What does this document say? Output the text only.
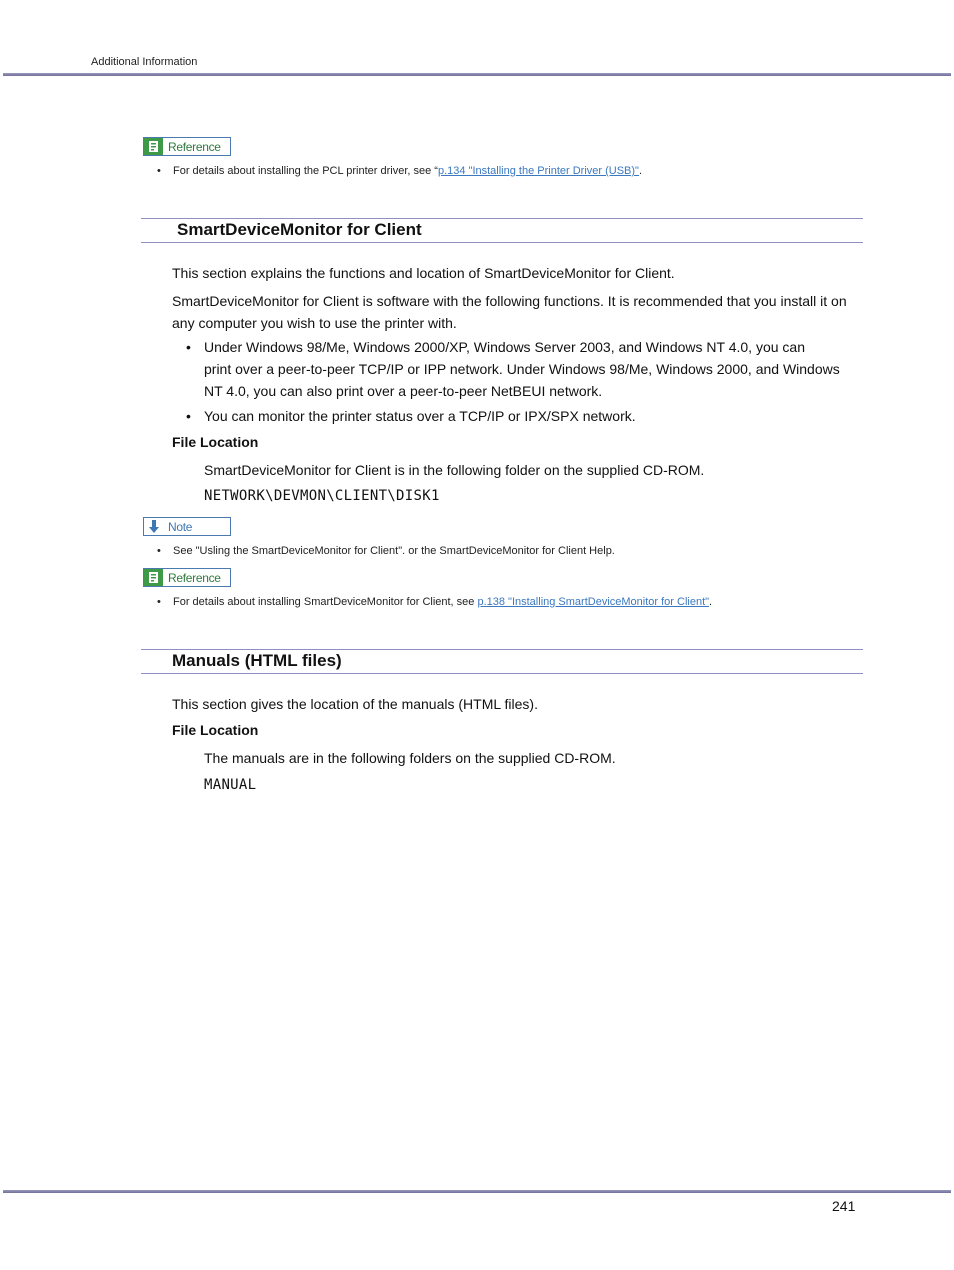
Additional Information
Reference
• For details about installing the PCL printer driver, see “p.134 "Installing the Printer Driver (USB)".
SmartDeviceMonitor for Client
This section explains the functions and location of SmartDeviceMonitor for Client.
SmartDeviceMonitor for Client is software with the following functions. It is recommended that you install it on
any computer you wish to use the printer with.
• Under Windows 98/Me, Windows 2000/XP, Windows Server 2003, and Windows NT 4.0, you can
print over a peer-to-peer TCP/IP or IPP network. Under Windows 98/Me, Windows 2000, and Windows
NT 4.0, you can also print over a peer-to-peer NetBEUI network.
• You can monitor the printer status over a TCP/IP or IPX/SPX network.
File Location
SmartDeviceMonitor for Client is in the following folder on the supplied CD-ROM.
NETWORK\DEVMON\CLIENT\DISK1
Note
• See "Usling the SmartDeviceMonitor for Client". or the SmartDeviceMonitor for Client Help.
Reference
• For details about installing SmartDeviceMonitor for Client, see p.138 "Installing SmartDeviceMonitor for Client".
Manuals (HTML files)
This section gives the location of the manuals (HTML files).
File Location
The manuals are in the following folders on the supplied CD-ROM.
MANUAL
241
